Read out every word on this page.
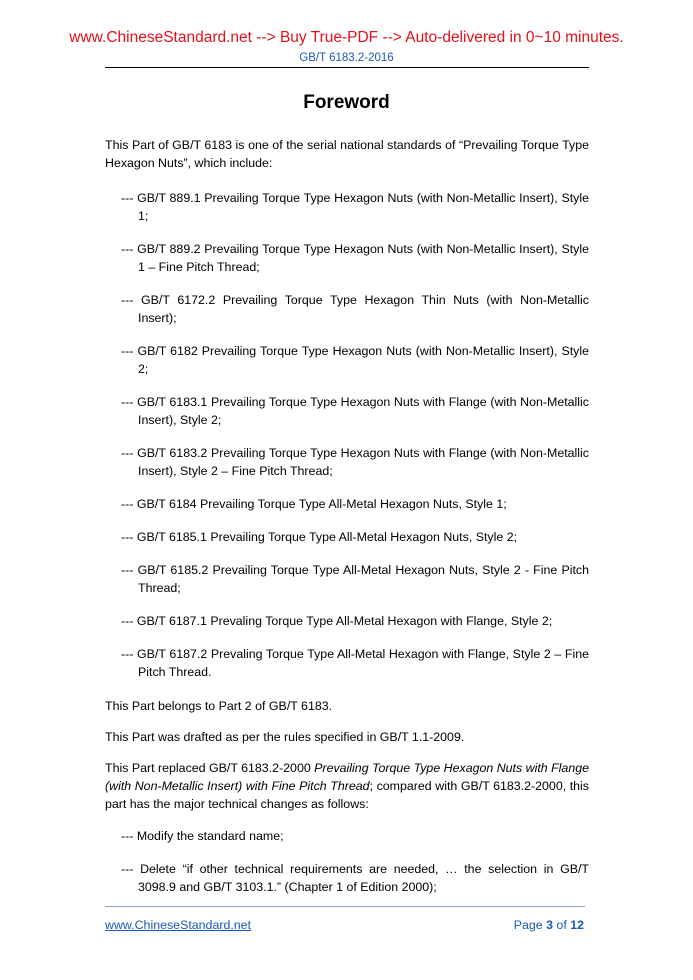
www.ChineseStandard.net --> Buy True-PDF --> Auto-delivered in 0~10 minutes.
GB/T 6183.2-2016
Foreword

This Part of GB/T 6183 is one of the serial national standards of “Prevailing Torque Type Hexagon Nuts”, which include:

--- GB/T 889.1 Prevailing Torque Type Hexagon Nuts (with Non-Metallic Insert), Style 1;
--- GB/T 889.2 Prevailing Torque Type Hexagon Nuts (with Non-Metallic Insert), Style 1 – Fine Pitch Thread;
--- GB/T 6172.2 Prevailing Torque Type Hexagon Thin Nuts (with Non-Metallic Insert);
--- GB/T 6182 Prevailing Torque Type Hexagon Nuts (with Non-Metallic Insert), Style 2;
--- GB/T 6183.1 Prevailing Torque Type Hexagon Nuts with Flange (with Non-Metallic Insert), Style 2;
--- GB/T 6183.2 Prevailing Torque Type Hexagon Nuts with Flange (with Non-Metallic Insert), Style 2 – Fine Pitch Thread;
--- GB/T 6184 Prevailing Torque Type All-Metal Hexagon Nuts, Style 1;
--- GB/T 6185.1 Prevailing Torque Type All-Metal Hexagon Nuts, Style 2;
--- GB/T 6185.2 Prevailing Torque Type All-Metal Hexagon Nuts, Style 2 - Fine Pitch Thread;
--- GB/T 6187.1 Prevaling Torque Type All-Metal Hexagon with Flange, Style 2;
--- GB/T 6187.2 Prevaling Torque Type All-Metal Hexagon with Flange, Style 2 – Fine Pitch Thread.

This Part belongs to Part 2 of GB/T 6183.

This Part was drafted as per the rules specified in GB/T 1.1-2009.

This Part replaced GB/T 6183.2-2000 Prevailing Torque Type Hexagon Nuts with Flange (with Non-Metallic Insert) with Fine Pitch Thread; compared with GB/T 6183.2-2000, this part has the major technical changes as follows:

--- Modify the standard name;
--- Delete “if other technical requirements are needed, … the selection in GB/T 3098.9 and GB/T 3103.1.” (Chapter 1 of Edition 2000);
www.ChineseStandard.net	Page 3 of 12
